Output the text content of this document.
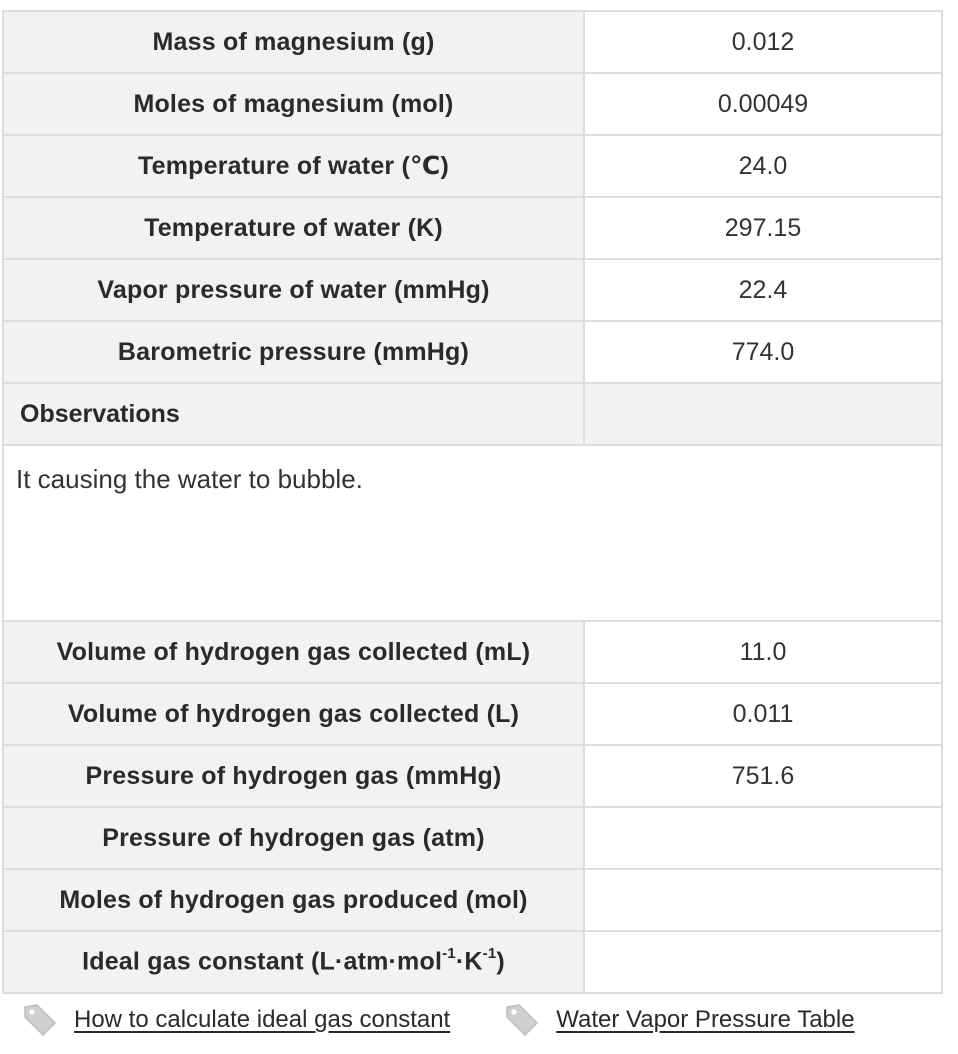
Mass of magnesium (g)	0.012
Moles of magnesium (mol)	0.00049
Temperature of water (℃)	24.0
Temperature of water (K)	297.15
Vapor pressure of water (mmHg)	22.4
Barometric pressure (mmHg)	774.0
Observations	
It causing the water to bubble.	
Volume of hydrogen gas collected (mL)	11.0
Volume of hydrogen gas collected (L)	0.011
Pressure of hydrogen gas (mmHg)	751.6
Pressure of hydrogen gas (atm)	
Moles of hydrogen gas produced (mol)	
Ideal gas constant $(L\cdot atm\cdot mol^{-1}\cdot K^{-1})$	
How to calculate ideal gas constant	Water Vapor Pressure Table
